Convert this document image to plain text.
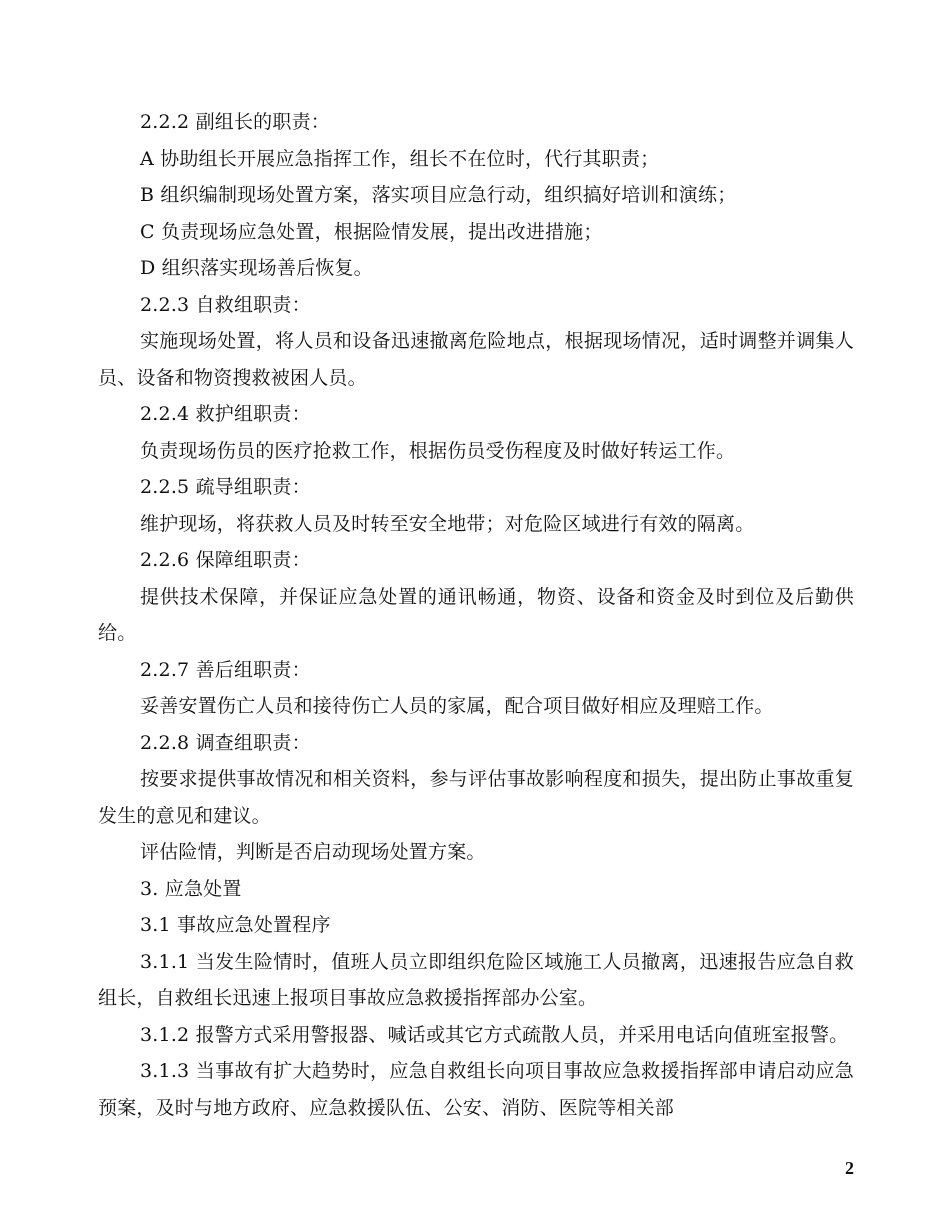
2.2.2 副组长的职责：

A 协助组长开展应急指挥工作，组长不在位时，代行其职责；

B 组织编制现场处置方案，落实项目应急行动，组织搞好培训和演练；

C 负责现场应急处置，根据险情发展，提出改进措施；

D 组织落实现场善后恢复。

2.2.3 自救组职责：

实施现场处置，将人员和设备迅速撤离危险地点，根据现场情况，适时调整并调集人员、设备和物资搜救被困人员。

2.2.4 救护组职责：

负责现场伤员的医疗抢救工作，根据伤员受伤程度及时做好转运工作。

2.2.5 疏导组职责：

维护现场，将获救人员及时转至安全地带；对危险区域进行有效的隔离。

2.2.6 保障组职责：

提供技术保障，并保证应急处置的通讯畅通，物资、设备和资金及时到位及后勤供给。

2.2.7 善后组职责：

妥善安置伤亡人员和接待伤亡人员的家属，配合项目做好相应及理赔工作。

2.2.8 调查组职责：

按要求提供事故情况和相关资料，参与评估事故影响程度和损失，提出防止事故重复发生的意见和建议。

评估险情，判断是否启动现场处置方案。

3. 应急处置

3.1 事故应急处置程序

3.1.1 当发生险情时，值班人员立即组织危险区域施工人员撤离，迅速报告应急自救组长，自救组长迅速上报项目事故应急救援指挥部办公室。

3.1.2 报警方式采用警报器、喊话或其它方式疏散人员，并采用电话向值班室报警。

3.1.3 当事故有扩大趋势时，应急自救组长向项目事故应急救援指挥部申请启动应急预案，及时与地方政府、应急救援队伍、公安、消防、医院等相关部

2
